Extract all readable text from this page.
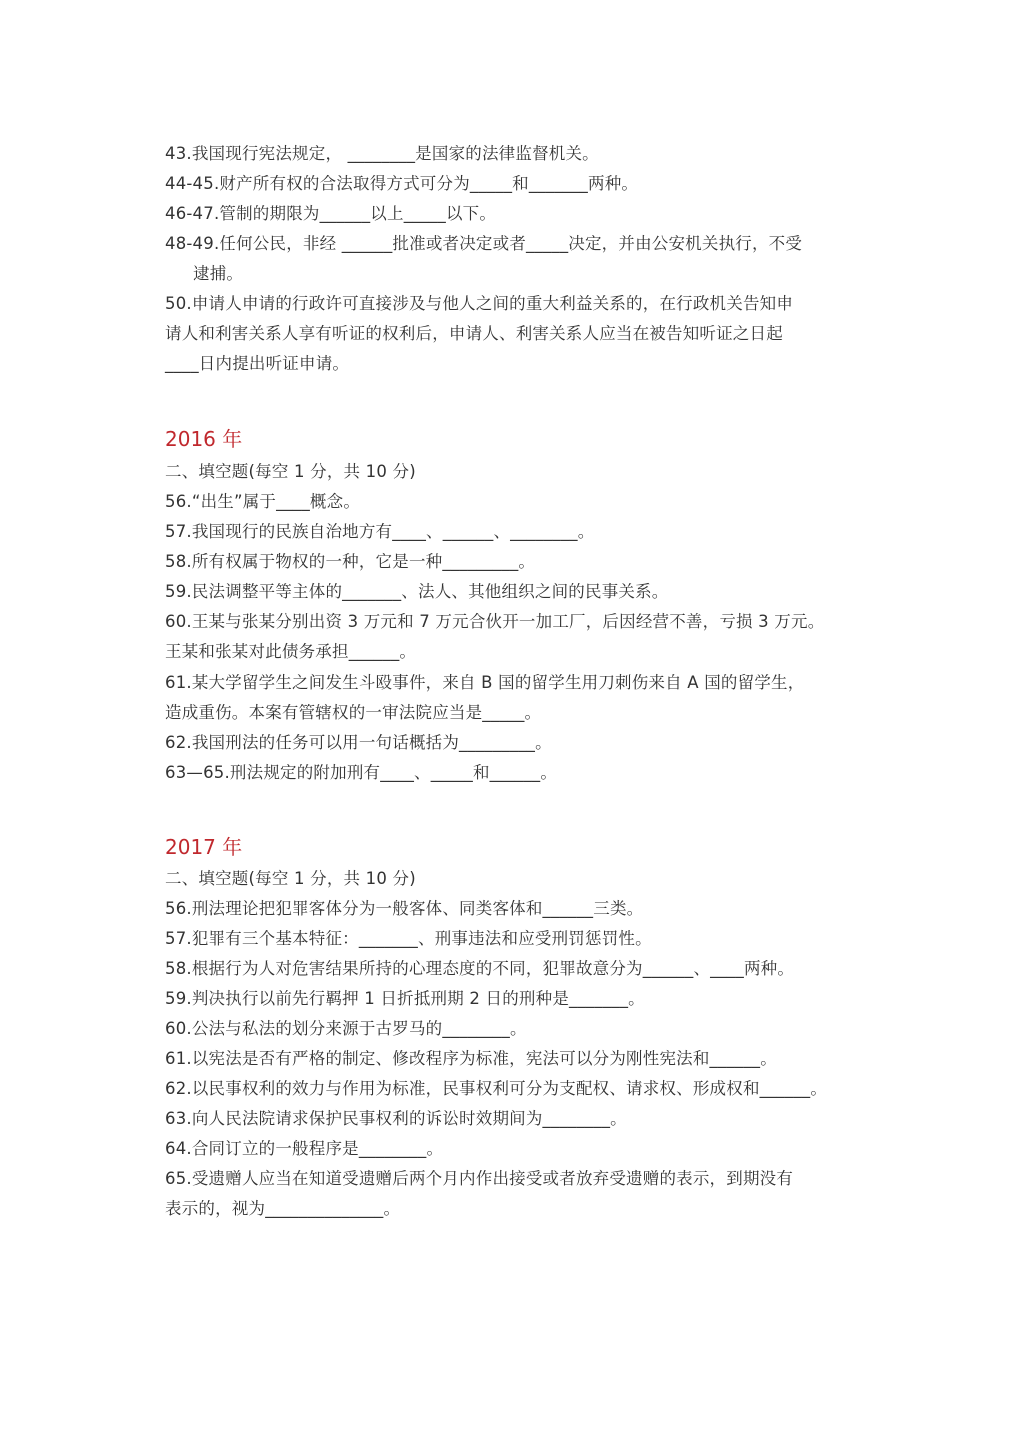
43.我国现行宪法规定， ________是国家的法律监督机关。
44-45.财产所有权的合法取得方式可分为_____和_______两种。
46-47.管制的期限为______以上_____以下。
48-49.任何公民，非经 ______批准或者决定或者_____决定，并由公安机关执行，不受
逮捕。
50.申请人申请的行政许可直接涉及与他人之间的重大利益关系的，在行政机关告知申
请人和利害关系人享有听证的权利后，申请人、利害关系人应当在被告知听证之日起
____日内提出听证申请。
2016 年
二、填空题(每空 1 分，共 10 分)
56.“出生”属于____概念。
57.我国现行的民族自治地方有____、______、________。
58.所有权属于物权的一种，它是一种_________。
59.民法调整平等主体的_______、法人、其他组织之间的民事关系。
60.王某与张某分别出资 3 万元和 7 万元合伙开一加工厂，后因经营不善，亏损 3 万元。
王某和张某对此债务承担______。
61.某大学留学生之间发生斗殴事件，来自 B 国的留学生用刀刺伤来自 A 国的留学生，
造成重伤。本案有管辖权的一审法院应当是_____。
62.我国刑法的任务可以用一句话概括为_________。
63—65.刑法规定的附加刑有____、_____和______。
2017 年
二、填空题(每空 1 分，共 10 分)
56.刑法理论把犯罪客体分为一般客体、同类客体和______三类。
57.犯罪有三个基本特征：_______、刑事违法和应受刑罚惩罚性。
58.根据行为人对危害结果所持的心理态度的不同，犯罪故意分为______、____两种。
59.判决执行以前先行羁押 1 日折抵刑期 2 日的刑种是_______。
60.公法与私法的划分来源于古罗马的________。
61.以宪法是否有严格的制定、修改程序为标准，宪法可以分为刚性宪法和______。
62.以民事权利的效力与作用为标准，民事权利可分为支配权、请求权、形成权和______。
63.向人民法院请求保护民事权利的诉讼时效期间为________。
64.合同订立的一般程序是________。
65.受遗赠人应当在知道受遗赠后两个月内作出接受或者放弃受遗赠的表示，到期没有
表示的，视为______________。
